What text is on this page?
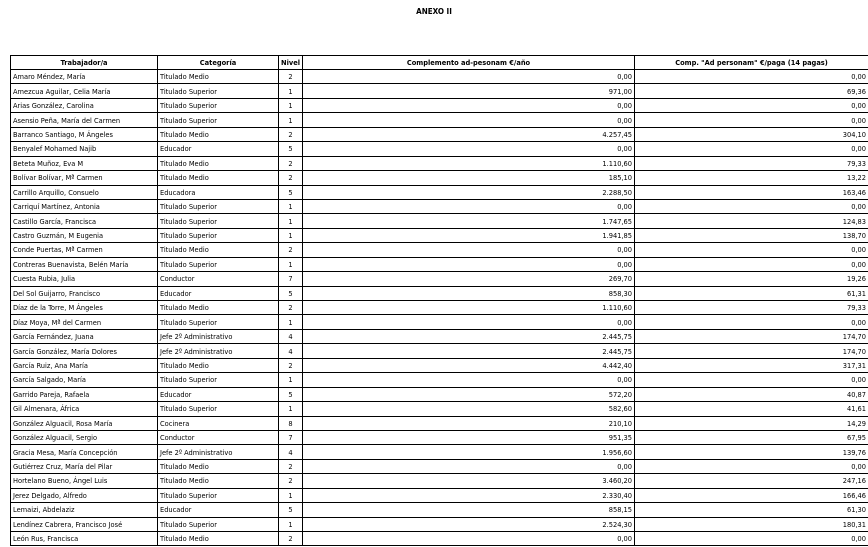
ANEXO II
Trabajador/a	Categoría	Nivel	Complemento ad-pesonam €/año	Comp. "Ad personam" €/paga (14 pagas)
Amaro Méndez, María	Titulado Medio	2	0,00	0,00
Amezcua Aguilar, Celia María	Titulado Superior	1	971,00	69,36
Arias González, Carolina	Titulado Superior	1	0,00	0,00
Asensio Peña, María del Carmen	Titulado Superior	1	0,00	0,00
Barranco Santiago, M Ángeles	Titulado Medio	2	4.257,45	304,10
Benyalef Mohamed Najib	Educador	5	0,00	0,00
Beteta Muñoz, Eva M	Titulado Medio	2	1.110,60	79,33
Bolívar Bolívar, Mª Carmen	Titulado Medio	2	185,10	13,22
Carrillo Arquillo, Consuelo	Educadora	5	2.288,50	163,46
Carriquí Martínez, Antonia	Titulado Superior	1	0,00	0,00
Castillo García, Francisca	Titulado Superior	1	1.747,65	124,83
Castro Guzmán, M Eugenia	Titulado Superior	1	1.941,85	138,70
Conde Puertas, Mª Carmen	Titulado Medio	2	0,00	0,00
Contreras Buenavista, Belén María	Titulado Superior	1	0,00	0,00
Cuesta Rubia, Julia	Conductor	7	269,70	19,26
Del Sol Guijarro, Francisco	Educador	5	858,30	61,31
Díaz de la Torre, M Ángeles	Titulado Medio	2	1.110,60	79,33
Díaz Moya, Mª del Carmen	Titulado Superior	1	0,00	0,00
García Fernández, Juana	Jefe 2º Administrativo	4	2.445,75	174,70
García González, María Dolores	Jefe 2º Administrativo	4	2.445,75	174,70
García Ruiz, Ana María	Titulado Medio	2	4.442,40	317,31
García Salgado, María	Titulado Superior	1	0,00	0,00
Garrido Pareja, Rafaela	Educador	5	572,20	40,87
Gil Almenara, África	Titulado Superior	1	582,60	41,61
González Alguacil, Rosa María	Cocinera	8	210,10	14,29
González Alguacil, Sergio	Conductor	7	951,35	67,95
Gracia Mesa, María Concepción	Jefe 2º Administrativo	4	1.956,60	139,76
Gutiérrez Cruz, María del Pilar	Titulado Medio	2	0,00	0,00
Hortelano Bueno, Ángel Luis	Titulado Medio	2	3.460,20	247,16
Jerez Delgado, Alfredo	Titulado Superior	1	2.330,40	166,46
Lemaizi, Abdelaziz	Educador	5	858,15	61,30
Lendínez Cabrera, Francisco José	Titulado Superior	1	2.524,30	180,31
León Rus, Francisca	Titulado Medio	2	0,00	0,00
